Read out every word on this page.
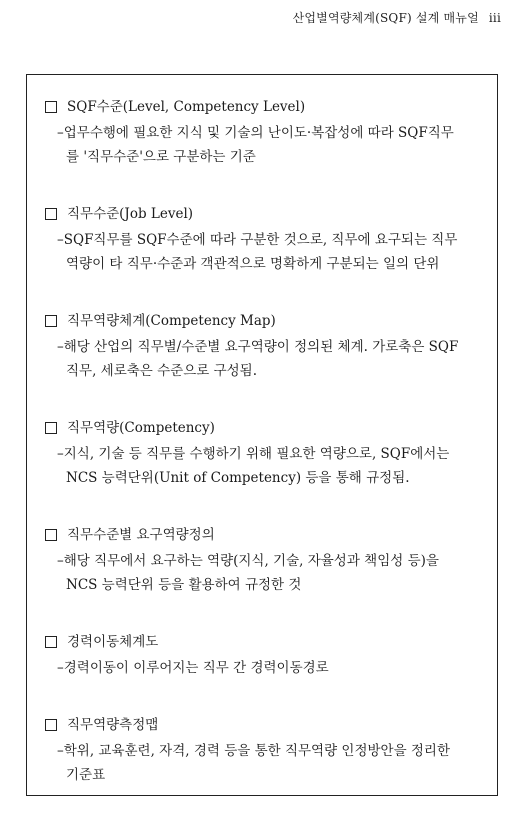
산업별역량체계(SQF) 설계 매뉴얼 iii
SQF수준(Level, Competency Level)
–업무수행에 필요한 지식 및 기술의 난이도·복잡성에 따라 SQF직무
를 '직무수준'으로 구분하는 기준
직무수준(Job Level)
–SQF직무를 SQF수준에 따라 구분한 것으로, 직무에 요구되는 직무
역량이 타 직무·수준과 객관적으로 명확하게 구분되는 일의 단위
직무역량체계(Competency Map)
–해당 산업의 직무별/수준별 요구역량이 정의된 체계. 가로축은 SQF
직무, 세로축은 수준으로 구성됨.
직무역량(Competency)
–지식, 기술 등 직무를 수행하기 위해 필요한 역량으로, SQF에서는
NCS 능력단위(Unit of Competency) 등을 통해 규정됨.
직무수준별 요구역량정의
–해당 직무에서 요구하는 역량(지식, 기술, 자율성과 책임성 등)을
NCS 능력단위 등을 활용하여 규정한 것
경력이동체계도
–경력이동이 이루어지는 직무 간 경력이동경로
직무역량측정맵
–학위, 교육훈련, 자격, 경력 등을 통한 직무역량 인정방안을 정리한
기준표
